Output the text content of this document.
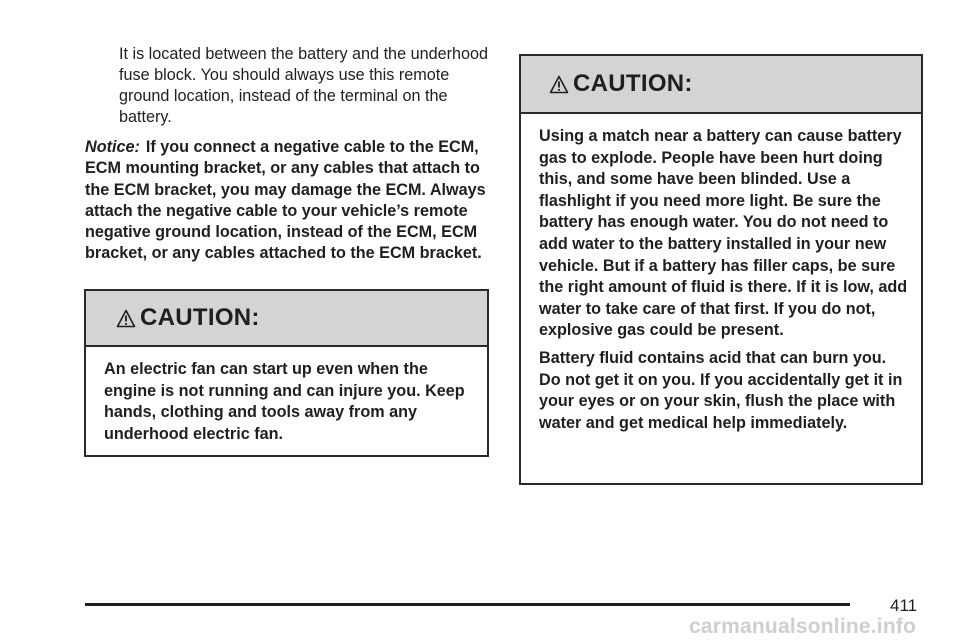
It is located between the battery and the underhood fuse block. You should always use this remote ground location, instead of the terminal on the battery.

Notice: If you connect a negative cable to the ECM, ECM mounting bracket, or any cables that attach to the ECM bracket, you may damage the ECM. Always attach the negative cable to your vehicle’s remote negative ground location, instead of the ECM, ECM bracket, or any cables attached to the ECM bracket.

CAUTION:

An electric fan can start up even when the engine is not running and can injure you. Keep hands, clothing and tools away from any underhood electric fan.

CAUTION:

Using a match near a battery can cause battery gas to explode. People have been hurt doing this, and some have been blinded. Use a flashlight if you need more light. Be sure the battery has enough water. You do not need to add water to the battery installed in your new vehicle. But if a battery has filler caps, be sure the right amount of fluid is there. If it is low, add water to take care of that first. If you do not, explosive gas could be present.

Battery fluid contains acid that can burn you. Do not get it on you. If you accidentally get it in your eyes or on your skin, flush the place with water and get medical help immediately.

411

carmanualsonline.info
